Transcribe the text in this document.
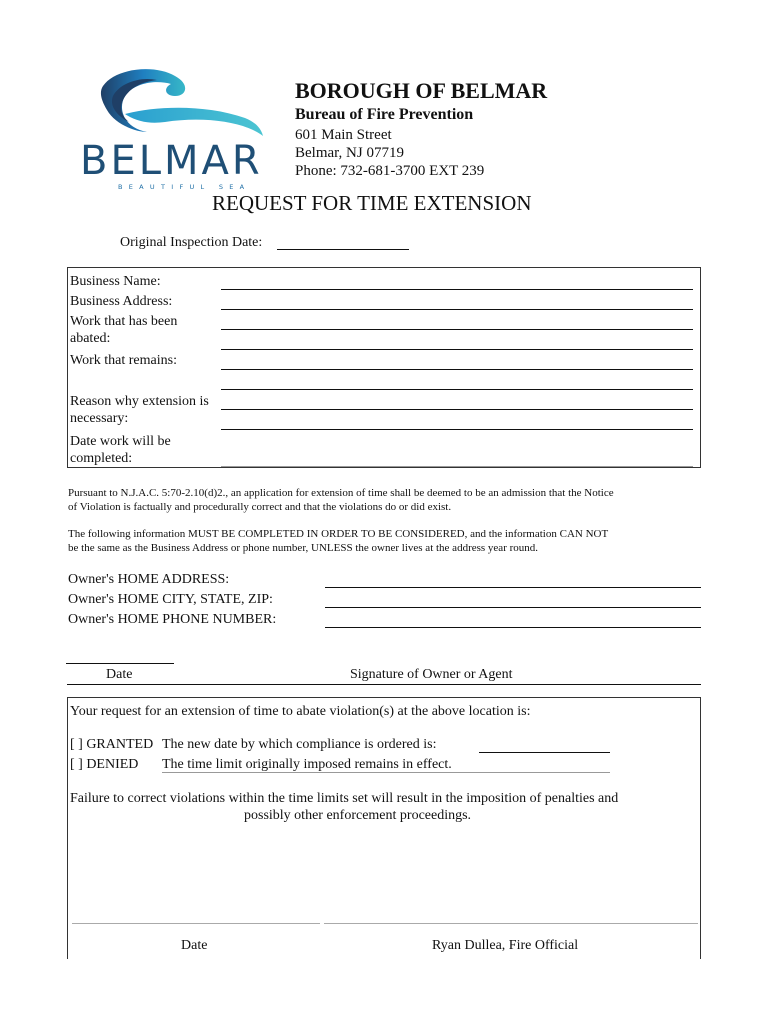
BELMAR
BEAUTIFUL SEA
BOROUGH OF BELMAR
Bureau of Fire Prevention
601 Main Street
Belmar, NJ 07719
Phone: 732-681-3700 EXT 239
REQUEST FOR TIME EXTENSION
Original Inspection Date:
Business Name:
Business Address:
Work that has been
abated:
Work that remains:
Reason why extension is
necessary:
Date work will be
completed:
Pursuant to N.J.A.C. 5:70-2.10(d)2., an application for extension of time shall be deemed to be an admission that the Notice
of Violation is factually and procedurally correct and that the violations do or did exist.
The following information MUST BE COMPLETED IN ORDER TO BE CONSIDERED, and the information CAN NOT
be the same as the Business Address or phone number, UNLESS the owner lives at the address year round.
Owner's HOME ADDRESS:
Owner's HOME CITY, STATE, ZIP:
Owner's HOME PHONE NUMBER:
Date	Signature of Owner or Agent
Your request for an extension of time to abate violation(s) at the above location is:
[ ] GRANTED The new date by which compliance is ordered is:
[ ] DENIED The time limit originally imposed remains in effect.
Failure to correct violations within the time limits set will result in the imposition of penalties and
possibly other enforcement proceedings.
Date	Ryan Dullea, Fire Official
